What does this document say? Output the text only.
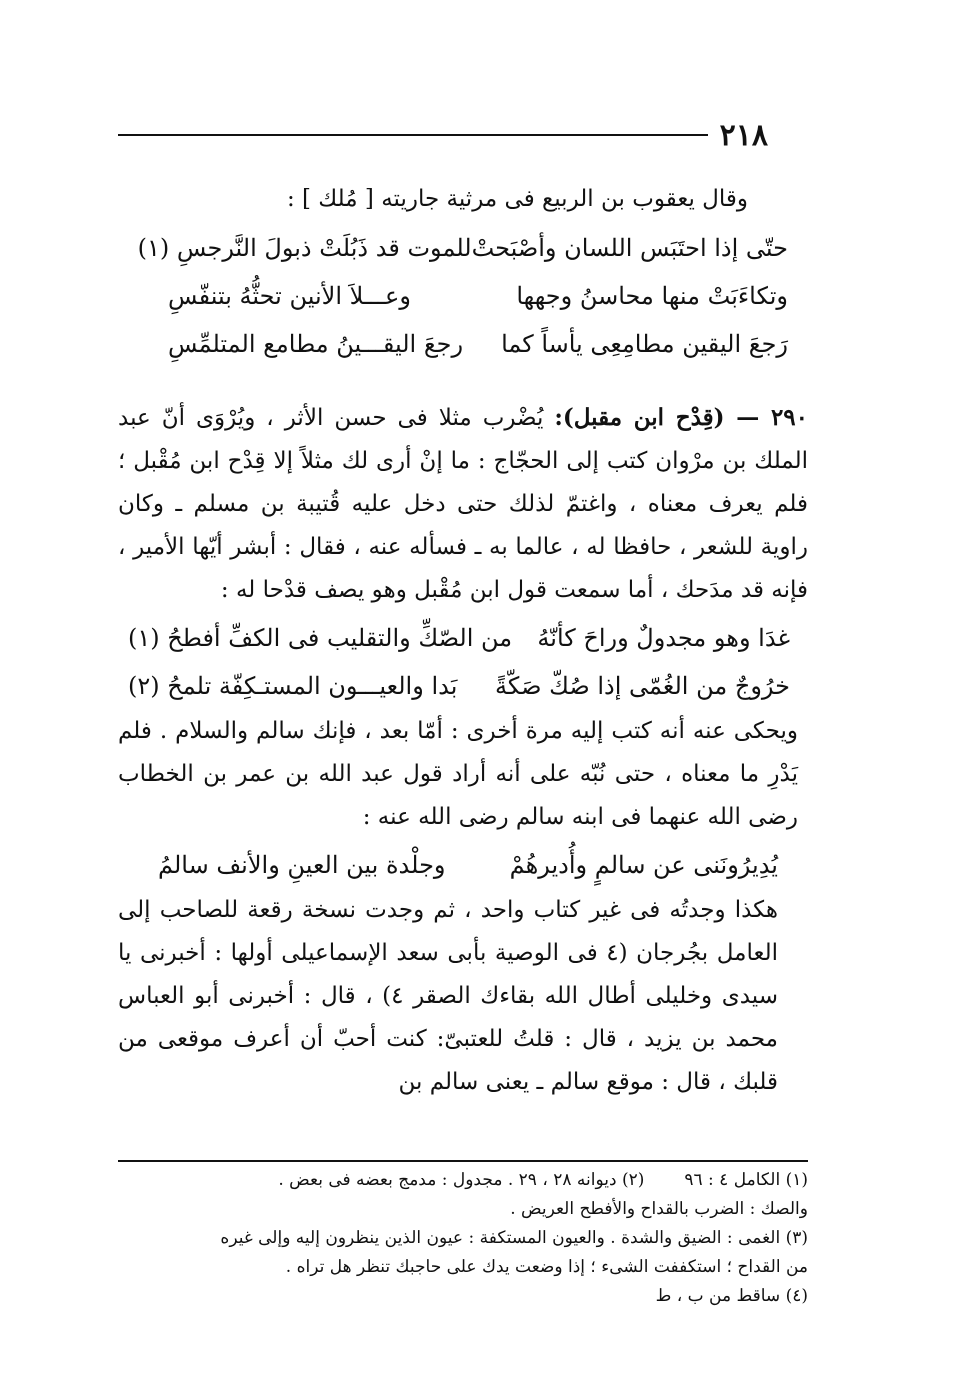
٢١٨

وقال يعقوب بن الربيع فى مرثية جاريته [ مُلك ] :

حتّى إذا احتَبَس اللسان وأصْبَحتْ
للموت قد ذَبُلَتْ ذبولَ النَّرجسِ (١)
وتكاءَبَتْ منها محاسنُ وجهها
وعـــلاَ الأنين تحثُّهُ بتنفّسِ
رَجعَ اليقين مطامِعِى يأساً كما
رجعَ اليقـــينُ مطامع المتلمِّسِ

٢٩٠ — (قِدْح ابن مقبل): يُضْرب مثلا فى حسن الأثر ، ويُرْوَى أنّ عبد الملك بن مرْوان كتب إلى الحجّاج : ما إنْ أرى لك مثلاً إلا قِدْح ابن مُقْبل ؛ فلم يعرف معناه ، واغتمّ لذلك حتى دخل عليه قُتيبة بن مسلم ـ وكان راوية للشعر ، حافظا له ، عالما به ـ فسأله عنه ، فقال : أبشر أيّها الأمير ، فإنه قد مدَحك ، أما سمعت قول ابن مُقْبل وهو يصف قدْحا له :

غدَا وهو مجدولٌ وراحَ كأنّهُ
من الصّكِّ والتقليب فى الكفِّ أفطحُ (١)
خرُوجٌ من الغُمّى إذا صُكّ صَكّةً
بَدا والعيـــون المستـكِفّة تلمحُ (٢)

ويحكى عنه أنه كتب إليه مرة أخرى : أمّا بعد ، فإنك سالم والسلام . فلم يَدْرِ ما معناه ، حتى نُبّه على أنه أراد قول عبد الله بن عمر بن الخطاب رضى الله عنهما فى ابنه سالم رضى الله عنه :

يُدِيرُونَنى عن سالمٍ وأُديرهُمْ
وجلْدة بين العينِ والأنف سالمُ

هكذا وجدتُه فى غير كتاب واحد ، ثم وجدت نسخة رقعة للصاحب إلى العامل بجُرجان (٤ فى الوصية بأبى سعد الإسماعيلى أولها : أخبرنى يا سيدى وخليلى أطال الله بقاءك الصقر ٤) ، قال : أخبرنى أبو العباس محمد بن يزيد ، قال : قلتُ للعتبىّ: كنت أحبّ أن أعرف موقعى من قلبك ، قال : موقع سالم ـ يعنى سالم بن

(١) الكامل ٤ : ٩٦(٢) ديوانه ٢٨ ، ٢٩ . مجدول : مدمج بعضه فى بعض .
والصك : الضرب بالقداح والأفطح العريض .
(٣) الغمى : الضيق والشدة . والعيون المستكفة : عيون الذين ينظرون إليه وإلى غيره
من القداح ؛ استكففت الشىء ؛ إذا وضعت يدك على حاجبك تنظر هل تراه .
(٤) ساقط من ب ، ط
